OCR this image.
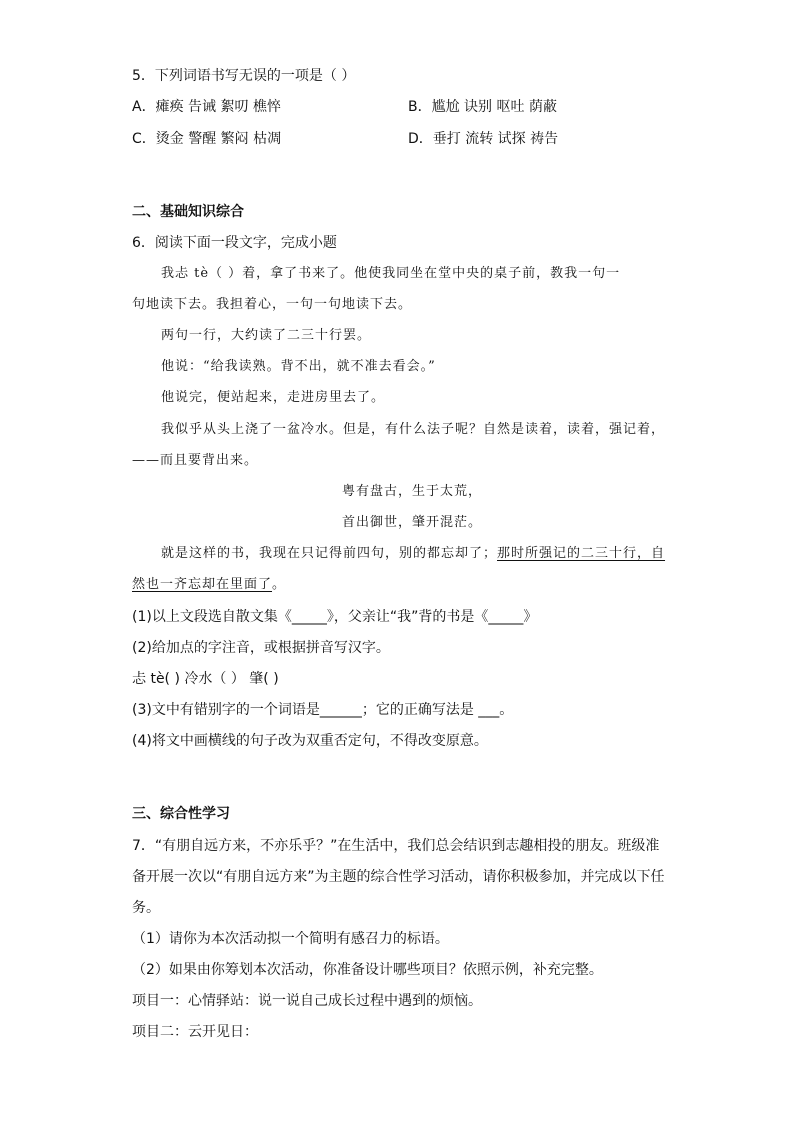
5．下列词语书写无误的一项是（ ）
A．瘫痪 告诫 絮叨 樵悴	B．尴尬 诀别 呕吐 荫蔽
C．烫金 警醒 繁闷 枯凋	D．垂打 流转 试探 祷告
二、基础知识综合
6．阅读下面一段文字，完成小题
我忐 tè（ ）着，拿了书来了。他使我同坐在堂中央的桌子前，教我一句一
句地读下去。我担着心，一句一句地读下去。
两句一行，大约读了二三十行罢。
他说：“给我读熟。背不出，就不准去看会。”
他说完，便站起来，走进房里去了。
我似乎从头上浇了一盆冷水。但是，有什么法子呢？自然是读着，读着，强记着，
——而且要背出来。
粤有盘古，生于太荒，
首出御世，肇开混茫。
就是这样的书，我现在只记得前四句，别的都忘却了；那时所强记的二三十行，自
然也一齐忘却在里面了。
(1)以上文段选自散文集《_____》，父亲让“我”背的书是《_____》
(2)给加点的字注音，或根据拼音写汉字。
忐 tè( ) 冷水（ ） 肇( )
(3)文中有错别字的一个词语是______；它的正确写法是 ___。
(4)将文中画横线的句子改为双重否定句，不得改变原意。
三、综合性学习
7．“有朋自远方来，不亦乐乎？”在生活中，我们总会结识到志趣相投的朋友。班级准
备开展一次以“有朋自远方来”为主题的综合性学习活动，请你积极参加，并完成以下任
务。
（1）请你为本次活动拟一个简明有感召力的标语。
（2）如果由你筹划本次活动，你准备设计哪些项目？依照示例，补充完整。
项目一：心情驿站：说一说自己成长过程中遇到的烦恼。
项目二：云开见日：
